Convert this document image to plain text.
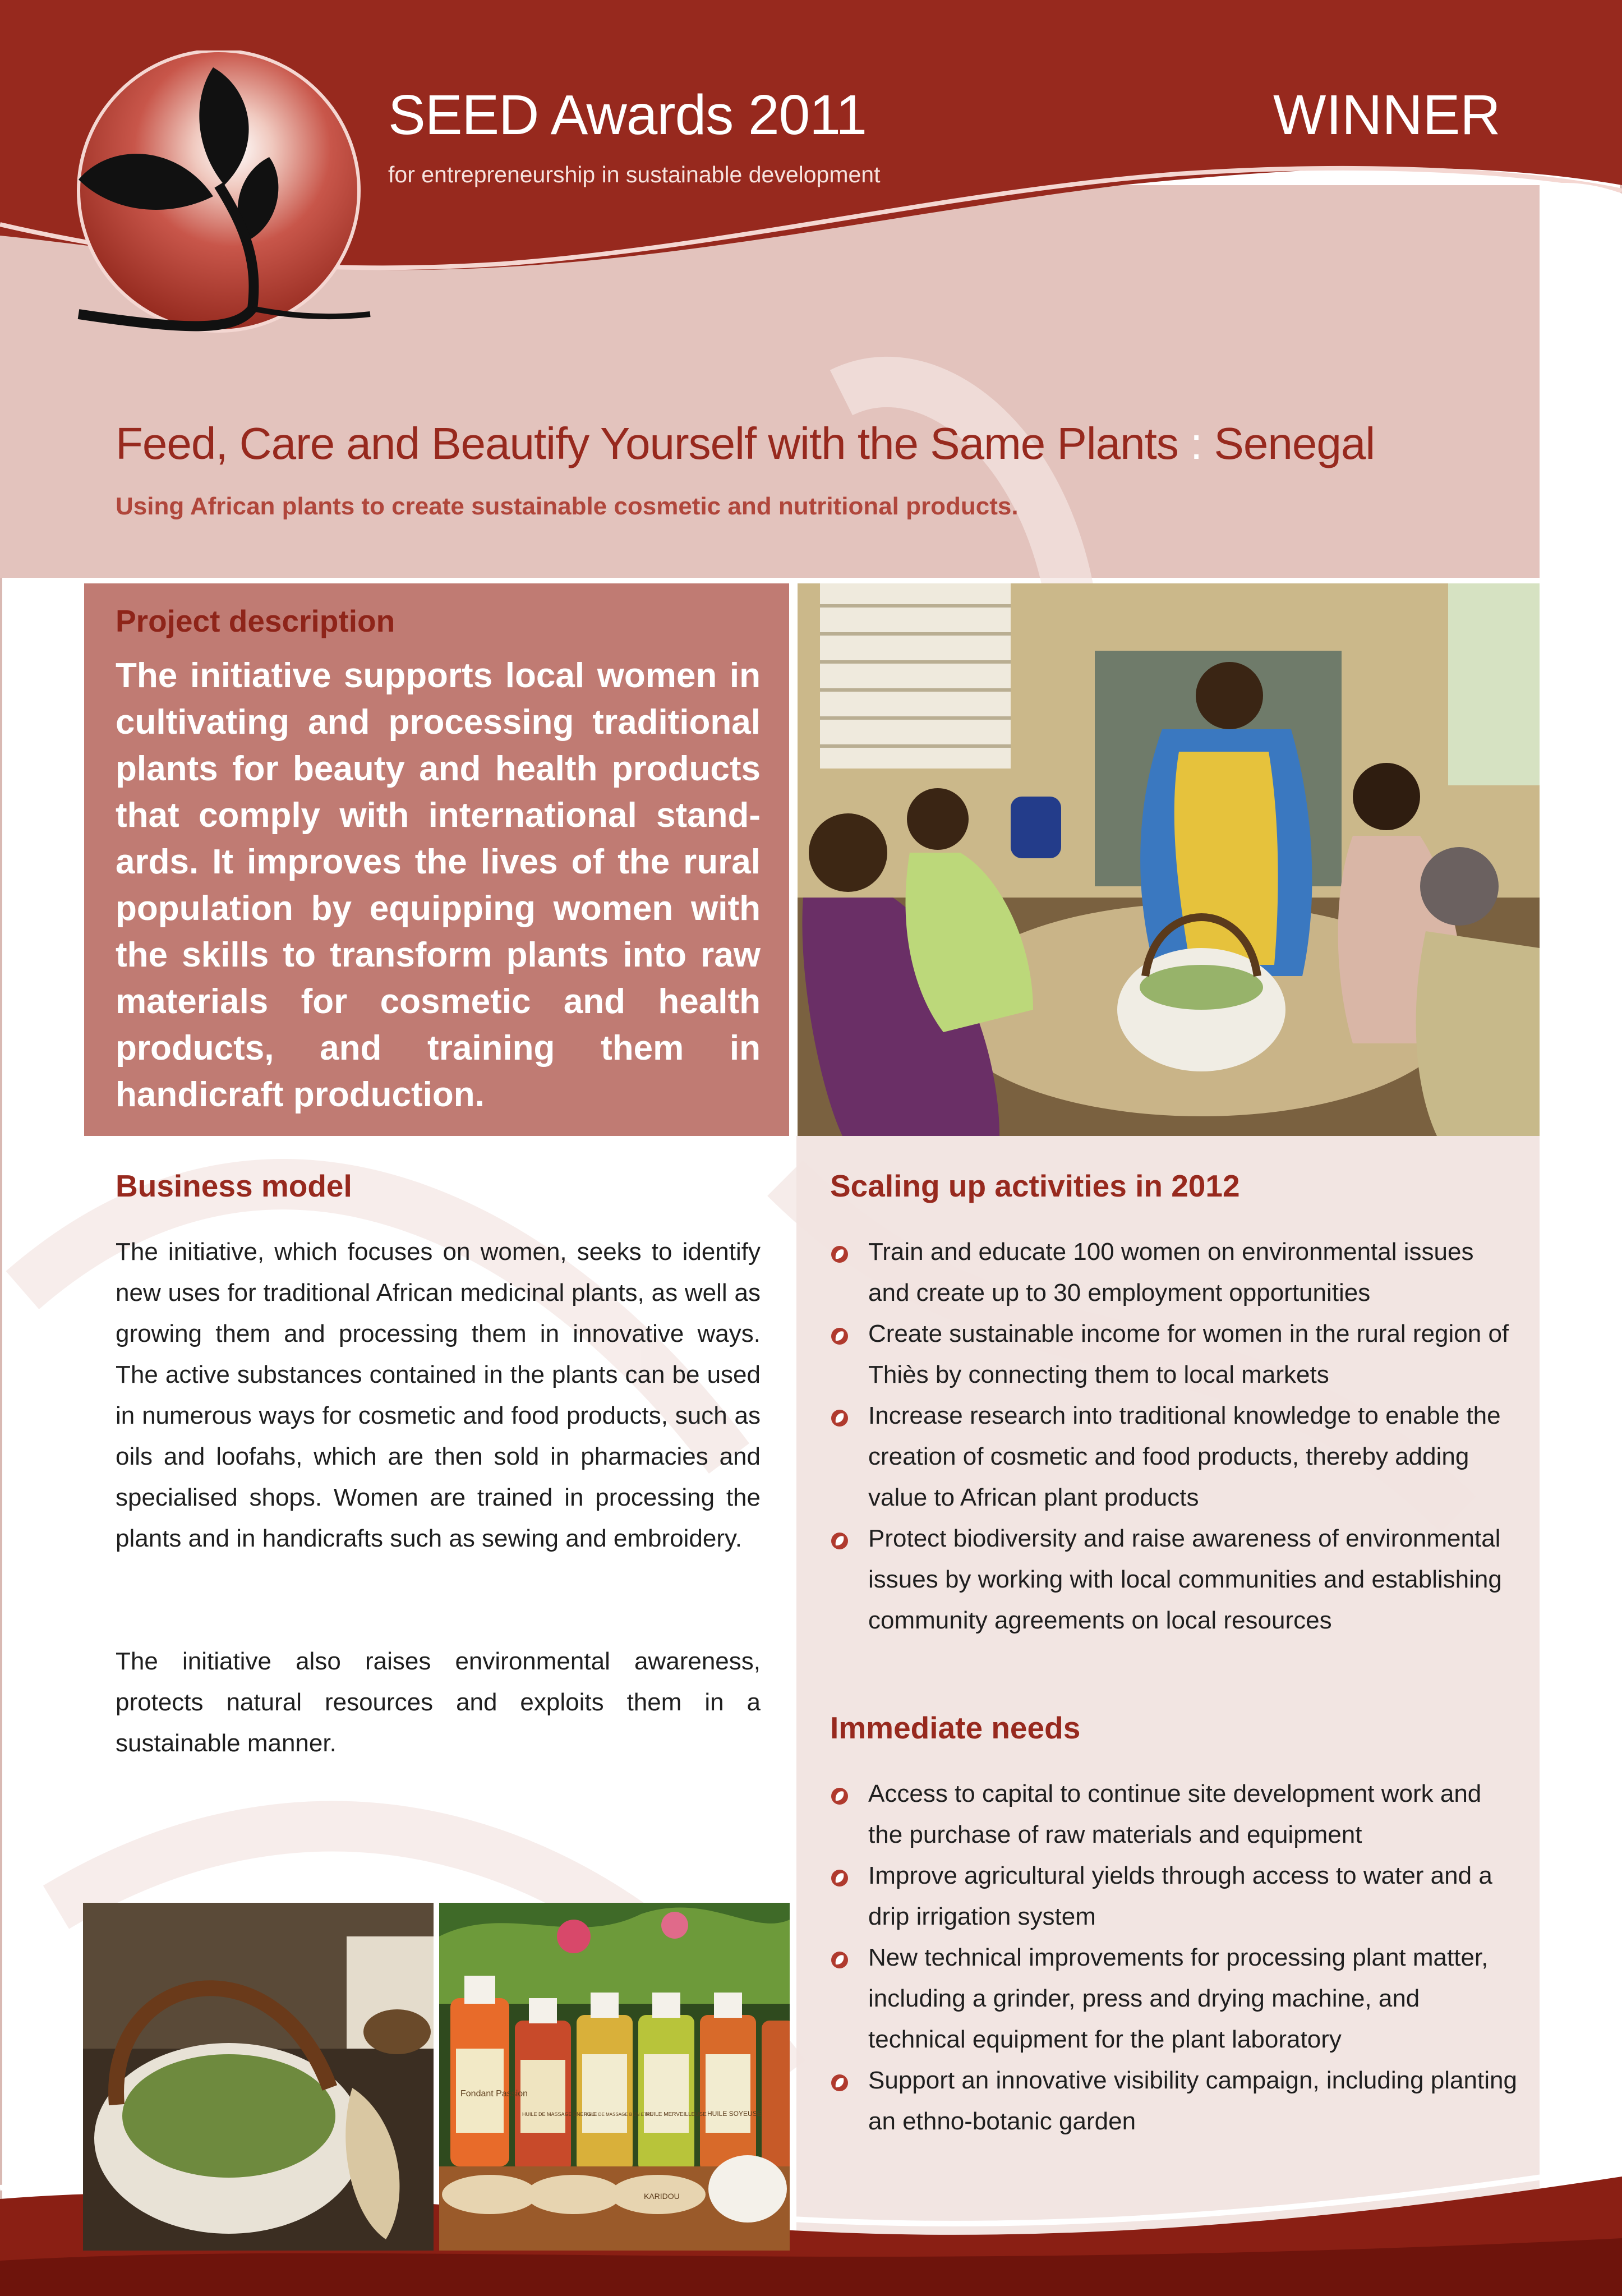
SEED Awards 2011
for entrepreneurship in sustainable development
WINNER
Feed, Care and Beautify Yourself with the Same Plants : Senegal
Using African plants to create sustainable cosmetic and nutritional products.
Project description
The initiative supports local women in cultivating and processing traditional plants for beauty and health products that comply with international stand-ards. It improves the lives of the rural population by equipping women with the skills to transform plants into raw materials for cosmetic and health products, and training them in handicraft production.
Business model
The initiative, which focuses on women, seeks to identify new uses for traditional African medicinal plants, as well as growing them and processing them in innovative ways. The active substances contained in the plants can be used in numerous ways for cosmetic and food products, such as oils and loofahs, which are then sold in pharmacies and specialised shops. Women are trained in processing the plants and in handicrafts such as sewing and embroidery.
The initiative also raises environmental awareness, protects natural resources and exploits them in a sustainable manner.
Scaling up activities in 2012
Train and educate 100 women on environmental issues and create up to 30 employment opportunities
Create sustainable income for women in the rural region of Thiès by connecting them to local markets
Increase research into traditional knowledge to enable the creation of cosmetic and food products, thereby adding value to African plant products
Protect biodiversity and raise awareness of environmental issues by working with local communities and establishing community agreements on local resources
Immediate needs
Access to capital to continue site development work and the purchase of raw materials and equipment
Improve agricultural yields through access to water and a drip irrigation system
New technical improvements for processing plant matter, including a grinder, press and drying machine, and technical equipment for the plant laboratory
Support an innovative visibility campaign, including planting an ethno-botanic garden
Fondant Passion
HUILE DE MASSAGE ENERGIE
HUILE DE MASSAGE BIEN ETRE
HUILE MERVEILLEUSE HUILE SOYEUSE
KARIDOU
